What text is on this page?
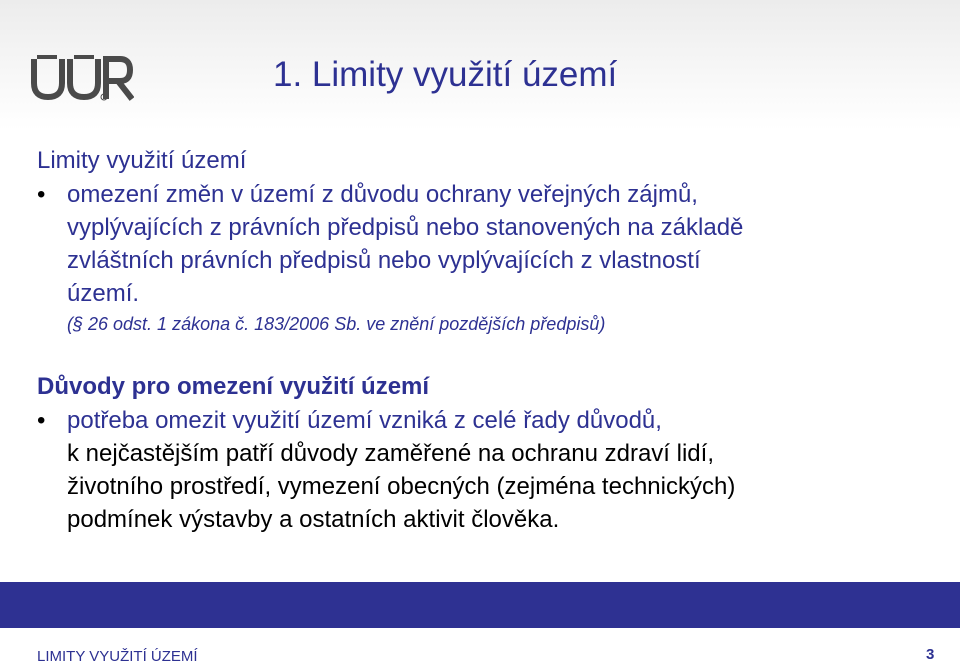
1. Limity využití území
Limity využití území
• omezení změn v území z důvodu ochrany veřejných zájmů,
vyplývajících z právních předpisů nebo stanovených na základě
zvláštních právních předpisů nebo vyplývajících z vlastností
území.
(§ 26 odst. 1 zákona č. 183/2006 Sb. ve znění pozdějších předpisů)
Důvody pro omezení využití území
• potřeba omezit využití území vzniká z celé řady důvodů,
k nejčastějším patří důvody zaměřené na ochranu zdraví lidí,
životního prostředí, vymezení obecných (zejména technických)
podmínek výstavby a ostatních aktivit člověka.
LIMITY VYUŽITÍ ÚZEMÍ	3
